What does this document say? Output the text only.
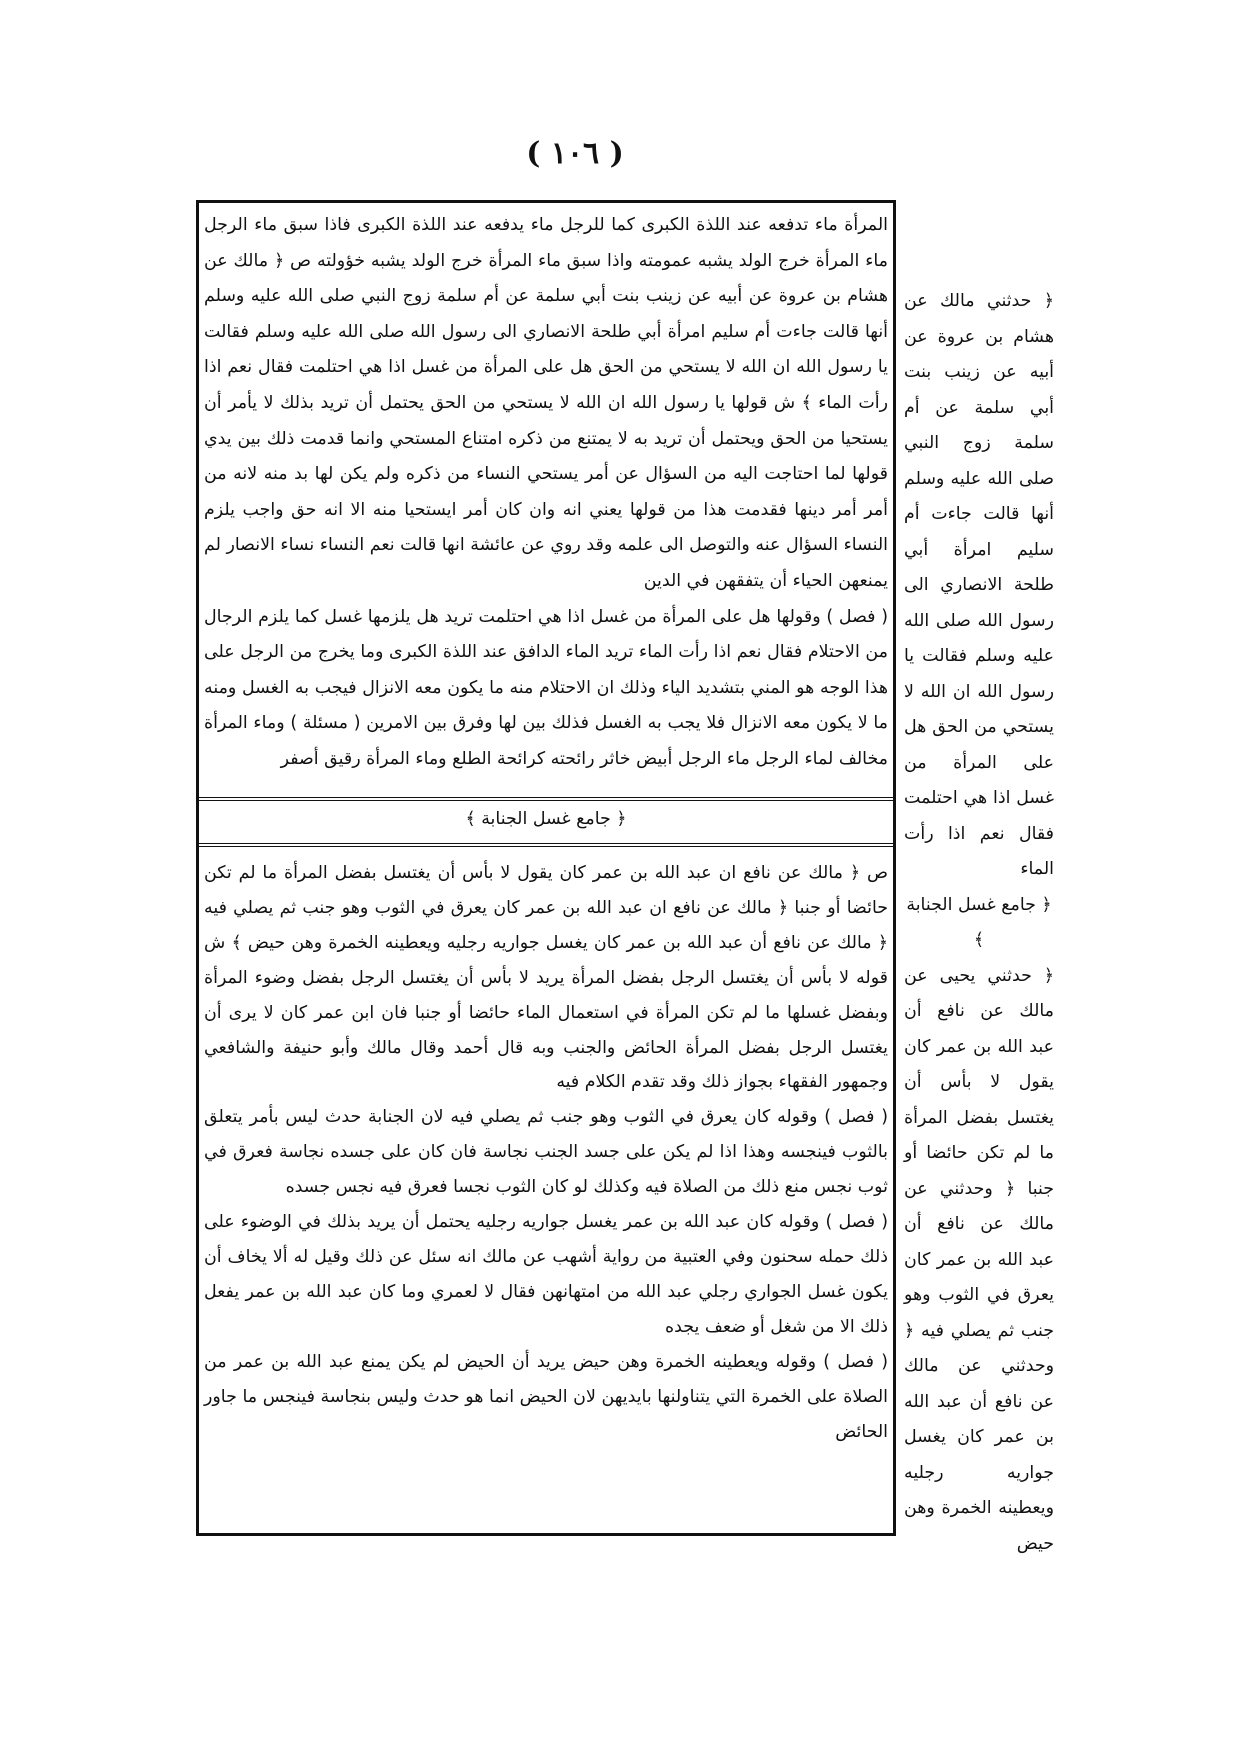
( ١٠٦ )

المرأة ماء تدفعه عند اللذة الكبرى كما للرجل ماء يدفعه عند اللذة الكبرى فاذا سبق ماء الرجل ماء المرأة خرج الولد يشبه عمومته واذا سبق ماء المرأة خرج الولد يشبه خؤولته ص ﴿ مالك عن هشام بن عروة عن أبيه عن زينب بنت أبي سلمة عن أم سلمة زوج النبي صلى الله عليه وسلم أنها قالت جاءت أم سليم امرأة أبي طلحة الانصاري الى رسول الله صلى الله عليه وسلم فقالت يا رسول الله ان الله لا يستحي من الحق هل على المرأة من غسل اذا هي احتلمت فقال نعم اذا رأت الماء ﴾ ش قولها يا رسول الله ان الله لا يستحي من الحق يحتمل أن تريد بذلك لا يأمر أن يستحيا من الحق ويحتمل أن تريد به لا يمتنع من ذكره امتناع المستحي وانما قدمت ذلك بين يدي قولها لما احتاجت اليه من السؤال عن أمر يستحي النساء من ذكره ولم يكن لها بد منه لانه من أمر أمر دينها فقدمت هذا من قولها يعني انه وان كان أمر ايستحيا منه الا انه حق واجب يلزم النساء السؤال عنه والتوصل الى علمه وقد روي عن عائشة انها قالت نعم النساء نساء الانصار لم يمنعهن الحياء أن يتفقهن في الدين

( فصل ) وقولها هل على المرأة من غسل اذا هي احتلمت تريد هل يلزمها غسل كما يلزم الرجال من الاحتلام فقال نعم اذا رأت الماء تريد الماء الدافق عند اللذة الكبرى وما يخرج من الرجل على هذا الوجه هو المني بتشديد الياء وذلك ان الاحتلام منه ما يكون معه الانزال فيجب به الغسل ومنه ما لا يكون معه الانزال فلا يجب به الغسل فذلك بين لها وفرق بين الامرين ( مسئلة ) وماء المرأة مخالف لماء الرجل ماء الرجل أبيض خاثر رائحته كرائحة الطلع وماء المرأة رقيق أصفر

﴿ جامع غسل الجنابة ﴾

ص ﴿ مالك عن نافع ان عبد الله بن عمر كان يقول لا بأس أن يغتسل بفضل المرأة ما لم تكن حائضا أو جنبا ﴿ مالك عن نافع ان عبد الله بن عمر كان يعرق في الثوب وهو جنب ثم يصلي فيه ﴿ مالك عن نافع أن عبد الله بن عمر كان يغسل جواريه رجليه ويعطينه الخمرة وهن حيض ﴾ ش قوله لا بأس أن يغتسل الرجل بفضل المرأة يريد لا بأس أن يغتسل الرجل بفضل وضوء المرأة وبفضل غسلها ما لم تكن المرأة في استعمال الماء حائضا أو جنبا فان ابن عمر كان لا يرى أن يغتسل الرجل بفضل المرأة الحائض والجنب وبه قال أحمد وقال مالك وأبو حنيفة والشافعي وجمهور الفقهاء بجواز ذلك وقد تقدم الكلام فيه

( فصل ) وقوله كان يعرق في الثوب وهو جنب ثم يصلي فيه لان الجنابة حدث ليس بأمر يتعلق بالثوب فينجسه وهذا اذا لم يكن على جسد الجنب نجاسة فان كان على جسده نجاسة فعرق في ثوب نجس منع ذلك من الصلاة فيه وكذلك لو كان الثوب نجسا فعرق فيه نجس جسده

( فصل ) وقوله كان عبد الله بن عمر يغسل جواريه رجليه يحتمل أن يريد بذلك في الوضوء على ذلك حمله سحنون وفي العتبية من رواية أشهب عن مالك انه سئل عن ذلك وقيل له ألا يخاف أن يكون غسل الجواري رجلي عبد الله من امتهانهن فقال لا لعمري وما كان عبد الله بن عمر يفعل ذلك الا من شغل أو ضعف يجده

( فصل ) وقوله ويعطينه الخمرة وهن حيض يريد أن الحيض لم يكن يمنع عبد الله بن عمر من الصلاة على الخمرة التي يتناولنها بايديهن لان الحيض انما هو حدث وليس بنجاسة فينجس ما جاور الحائض

﴿ حدثني مالك عن هشام بن عروة عن أبيه عن زينب بنت أبي سلمة عن أم سلمة زوج النبي صلى الله عليه وسلم أنها قالت جاءت أم سليم امرأة أبي طلحة الانصاري الى رسول الله صلى الله عليه وسلم فقالت يا رسول الله ان الله لا يستحي من الحق هل على المرأة من غسل اذا هي احتلمت فقال نعم اذا رأت الماء

﴿ جامع غسل الجنابة ﴾

﴿ حدثني يحيى عن مالك عن نافع أن عبد الله بن عمر كان يقول لا بأس أن يغتسل بفضل المرأة ما لم تكن حائضا أو جنبا ﴿ وحدثني عن مالك عن نافع أن عبد الله بن عمر كان يعرق في الثوب وهو جنب ثم يصلي فيه ﴿ وحدثني عن مالك عن نافع أن عبد الله بن عمر كان يغسل جواريه رجليه ويعطينه الخمرة وهن حيض
